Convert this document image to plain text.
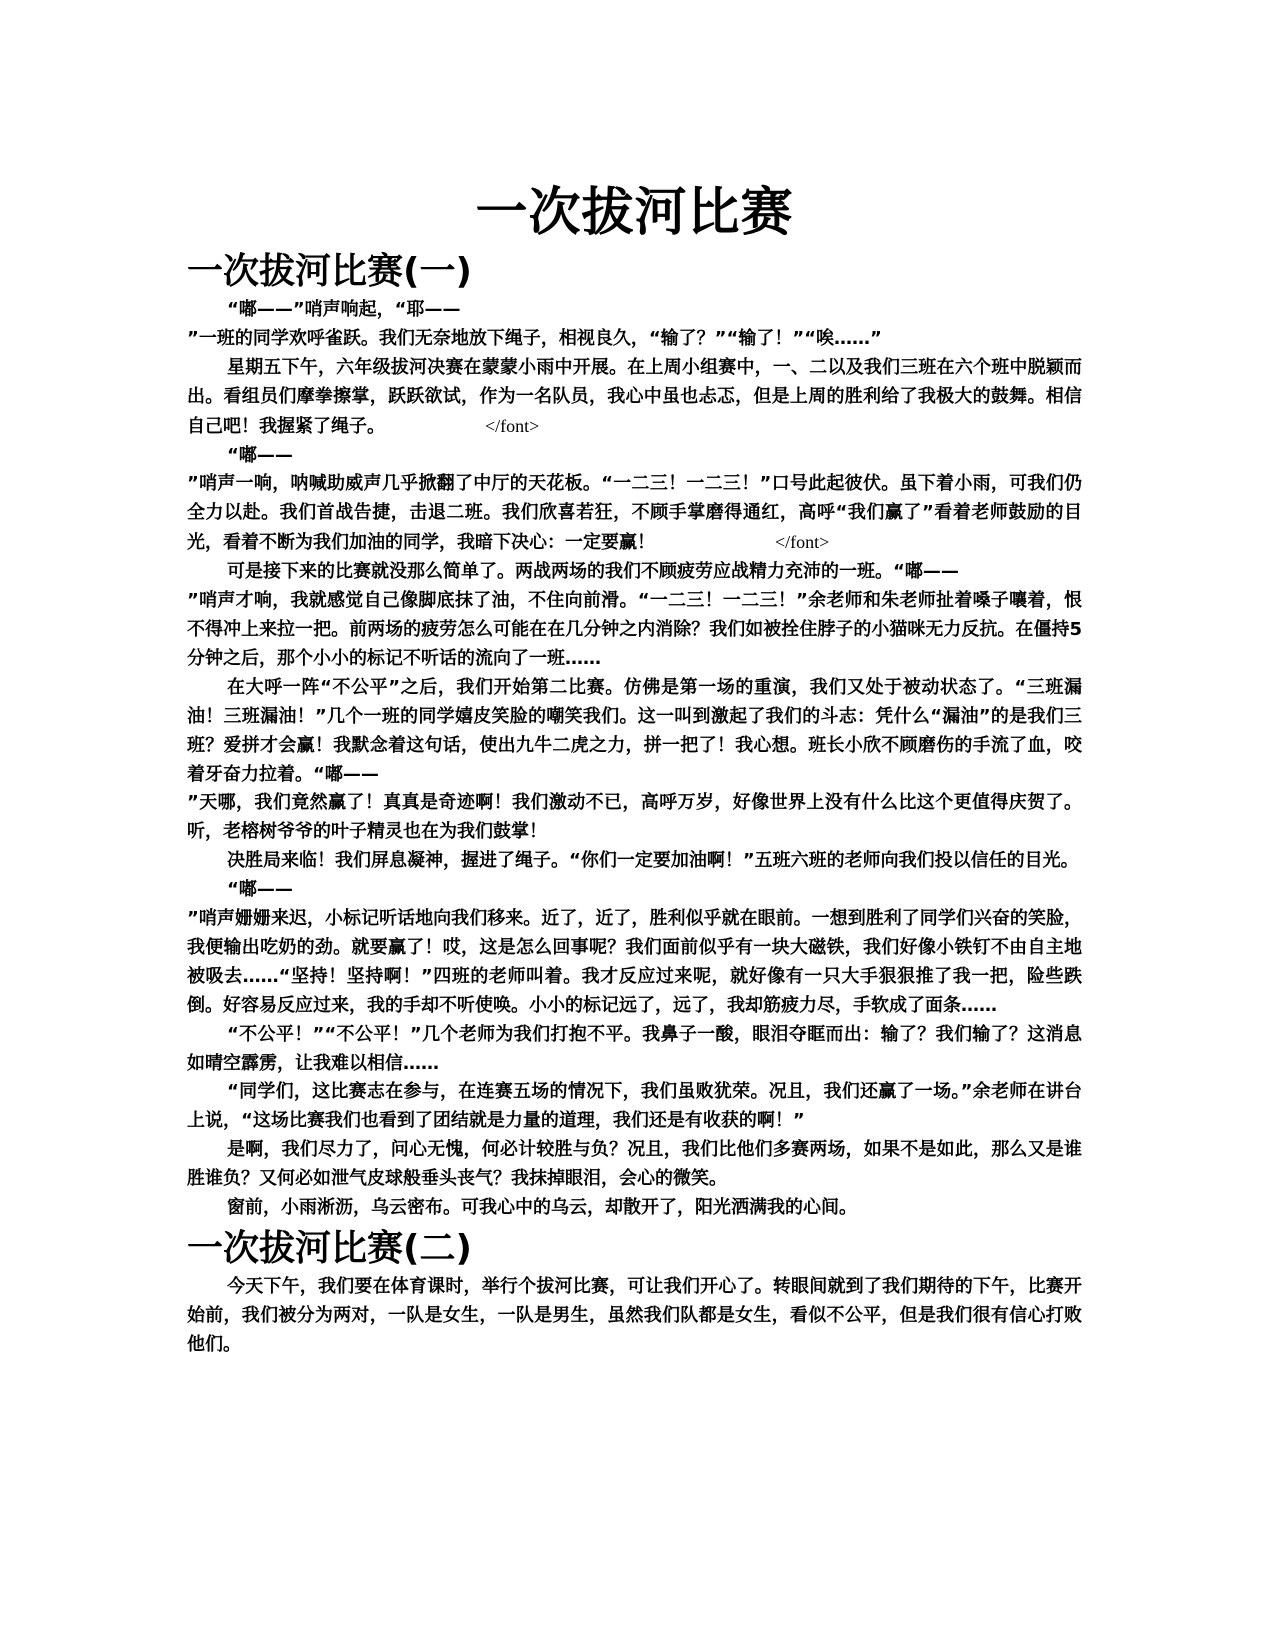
一次拔河比赛
一次拔河比赛(一)

“嘟——”哨声响起，“耶——

”一班的同学欢呼雀跃。我们无奈地放下绳子，相视良久，“输了？”“输了！”“唉……”

星期五下午，六年级拔河决赛在蒙蒙小雨中开展。在上周小组赛中，一、二以及我们三班在六个班中脱颖而出。看组员们摩拳擦掌，跃跃欲试，作为一名队员，我心中虽也忐忑，但是上周的胜利给了我极大的鼓舞。相信自己吧！我握紧了绳子。	</font>

“嘟——

”哨声一响，呐喊助威声几乎掀翻了中厅的天花板。“一二三！一二三！”口号此起彼伏。虽下着小雨，可我们仍全力以赴。我们首战告捷，击退二班。我们欣喜若狂，不顾手掌磨得通红，高呼“我们赢了”看着老师鼓励的目光，看着不断为我们加油的同学，我暗下决心：一定要赢！	</font>

可是接下来的比赛就没那么简单了。两战两场的我们不顾疲劳应战精力充沛的一班。“嘟——

”哨声才响，我就感觉自己像脚底抹了油，不住向前滑。“一二三！一二三！”余老师和朱老师扯着嗓子嚷着，恨不得冲上来拉一把。前两场的疲劳怎么可能在在几分钟之内消除？我们如被拴住脖子的小猫咪无力反抗。在僵持5分钟之后，那个小小的标记不听话的流向了一班……

在大呼一阵“不公平”之后，我们开始第二比赛。仿佛是第一场的重演，我们又处于被动状态了。“三班漏油！三班漏油！”几个一班的同学嬉皮笑脸的嘲笑我们。这一叫到激起了我们的斗志：凭什么“漏油”的是我们三班？爱拼才会赢！我默念着这句话，使出九牛二虎之力，拼一把了！我心想。班长小欣不顾磨伤的手流了血，咬着牙奋力拉着。“嘟——

”天哪，我们竟然赢了！真真是奇迹啊！我们激动不已，高呼万岁，好像世界上没有什么比这个更值得庆贺了。听，老榕树爷爷的叶子精灵也在为我们鼓掌！

决胜局来临！我们屏息凝神，握进了绳子。“你们一定要加油啊！”五班六班的老师向我们投以信任的目光。

“嘟——

”哨声姗姗来迟，小标记听话地向我们移来。近了，近了，胜利似乎就在眼前。一想到胜利了同学们兴奋的笑脸，我便输出吃奶的劲。就要赢了！哎，这是怎么回事呢？我们面前似乎有一块大磁铁，我们好像小铁钉不由自主地被吸去……“坚持！坚持啊！”四班的老师叫着。我才反应过来呢，就好像有一只大手狠狠推了我一把，险些跌倒。好容易反应过来，我的手却不听使唤。小小的标记远了，远了，我却筋疲力尽，手软成了面条……

“不公平！”“不公平！”几个老师为我们打抱不平。我鼻子一酸，眼泪夺眶而出：输了？我们输了？这消息如晴空霹雳，让我难以相信……

“同学们，这比赛志在参与，在连赛五场的情况下，我们虽败犹荣。况且，我们还赢了一场。”余老师在讲台上说，“这场比赛我们也看到了团结就是力量的道理，我们还是有收获的啊！”

是啊，我们尽力了，问心无愧，何必计较胜与负？况且，我们比他们多赛两场，如果不是如此，那么又是谁胜谁负？又何必如泄气皮球般垂头丧气？我抹掉眼泪，会心的微笑。

窗前，小雨淅沥，乌云密布。可我心中的乌云，却散开了，阳光洒满我的心间。

一次拔河比赛(二)

今天下午，我们要在体育课时，举行个拔河比赛，可让我们开心了。转眼间就到了我们期待的下午，比赛开始前，我们被分为两对，一队是女生，一队是男生，虽然我们队都是女生，看似不公平，但是我们很有信心打败他们。
